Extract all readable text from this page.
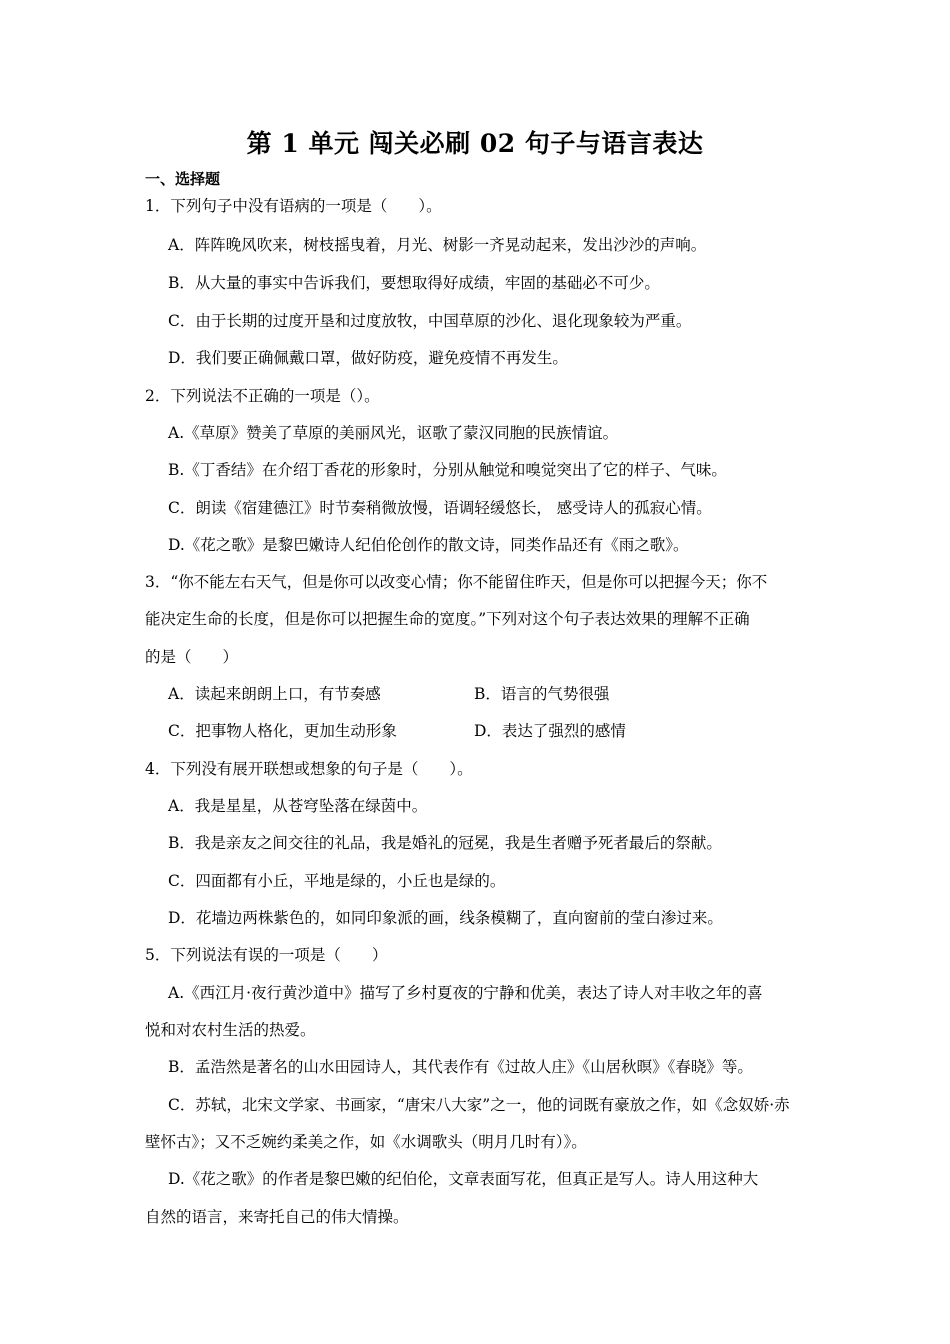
第 1 单元 闯关必刷 02 句子与语言表达
一、选择题
1．下列句子中没有语病的一项是（　　）。
A．阵阵晚风吹来，树枝摇曳着，月光、树影一齐晃动起来，发出沙沙的声响。
B．从大量的事实中告诉我们，要想取得好成绩，牢固的基础必不可少。
C．由于长期的过度开垦和过度放牧，中国草原的沙化、退化现象较为严重。
D．我们要正确佩戴口罩，做好防疫，避免疫情不再发生。
2．下列说法不正确的一项是（）。
A.《草原》赞美了草原的美丽风光，讴歌了蒙汉同胞的民族情谊。
B.《丁香结》在介绍丁香花的形象时，分别从触觉和嗅觉突出了它的样子、气味。
C．朗读《宿建德江》时节奏稍微放慢，语调轻缓悠长， 感受诗人的孤寂心情。
D.《花之歌》是黎巴嫩诗人纪伯伦创作的散文诗，同类作品还有《雨之歌》。
3．“你不能左右天气，但是你可以改变心情；你不能留住昨天，但是你可以把握今天；你不
能决定生命的长度，但是你可以把握生命的宽度。”下列对这个句子表达效果的理解不正确
的是（　　）
A．读起来朗朗上口，有节奏感	B．语言的气势很强
C．把事物人格化，更加生动形象	D．表达了强烈的感情
4．下列没有展开联想或想象的句子是（　　）。
A．我是星星，从苍穹坠落在绿茵中。
B．我是亲友之间交往的礼品，我是婚礼的冠冕，我是生者赠予死者最后的祭献。
C．四面都有小丘，平地是绿的，小丘也是绿的。
D．花墙边两株紫色的，如同印象派的画，线条模糊了，直向窗前的莹白渗过来。
5．下列说法有误的一项是（　　）
A.《西江月·夜行黄沙道中》描写了乡村夏夜的宁静和优美，表达了诗人对丰收之年的喜
悦和对农村生活的热爱。
B．孟浩然是著名的山水田园诗人，其代表作有《过故人庄》《山居秋暝》《春晓》等。
C．苏轼，北宋文学家、书画家，“唐宋八大家”之一，他的词既有豪放之作，如《念奴娇·赤
壁怀古》；又不乏婉约柔美之作，如《水调歌头（明月几时有）》。
D.《花之歌》的作者是黎巴嫩的纪伯伦，文章表面写花，但真正是写人。诗人用这种大
自然的语言，来寄托自己的伟大情操。
